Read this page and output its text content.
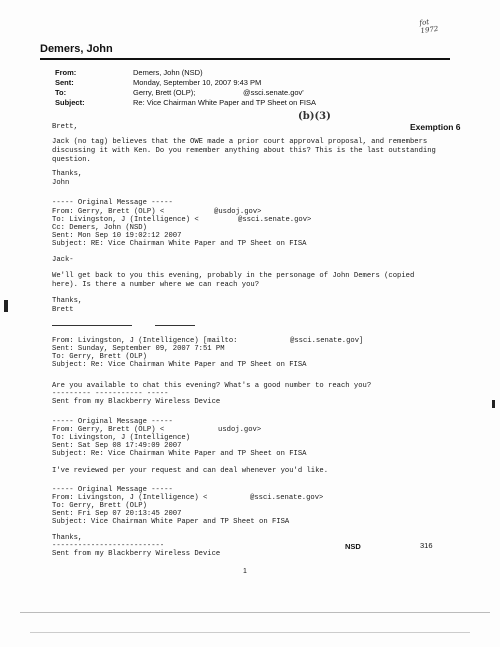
fot
1972
Demers, John
From:	Demers, John (NSD)
Sent:	Monday, September 10, 2007 9:43 PM
To:	Gerry, Brett (OLP);	@ssci.senate.gov'
Subject:	Re: Vice Chairman White Paper and TP Sheet on FISA
(b)(3)
Exemption 6
Brett,
Jack (no tag) believes that the OWE made a prior court approval proposal, and remembers
discussing it with Ken. Do you remember anything about this? This is the last outstanding
question.
Thanks,
John
----- Original Message -----
From: Gerry, Brett (OLP) <	@usdoj.gov>
To: Livingston, J (Intelligence) <	@ssci.senate.gov>
Cc: Demers, John (NSD)
Sent: Mon Sep 10 19:02:12 2007
Subject: RE: Vice Chairman White Paper and TP Sheet on FISA
Jack-
We'll get back to you this evening, probably in the personage of John Demers (copied
here). Is there a number where we can reach you?
Thanks,
Brett
From: Livingston, J (Intelligence) [mailto:	@ssci.senate.gov]
Sent: Sunday, September 09, 2007 7:51 PM
To: Gerry, Brett (OLP)
Subject: Re: Vice Chairman White Paper and TP Sheet on FISA
Are you available to chat this evening? What's a good number to reach you?
--------- ----------- -----
Sent from my Blackberry Wireless Device
----- Original Message -----
From: Gerry, Brett (OLP) <	usdoj.gov>
To: Livingston, J (Intelligence)
Sent: Sat Sep 08 17:49:09 2007
Subject: Re: Vice Chairman White Paper and TP Sheet on FISA
I've reviewed per your request and can deal whenever you'd like.
----- Original Message -----
From: Livingston, J (Intelligence) <	@ssci.senate.gov>
To: Gerry, Brett (OLP)
Sent: Fri Sep 07 20:13:45 2007
Subject: Vice Chairman White Paper and TP Sheet on FISA
Thanks,
--------------------------
Sent from my Blackberry Wireless Device
NSD	316
1
